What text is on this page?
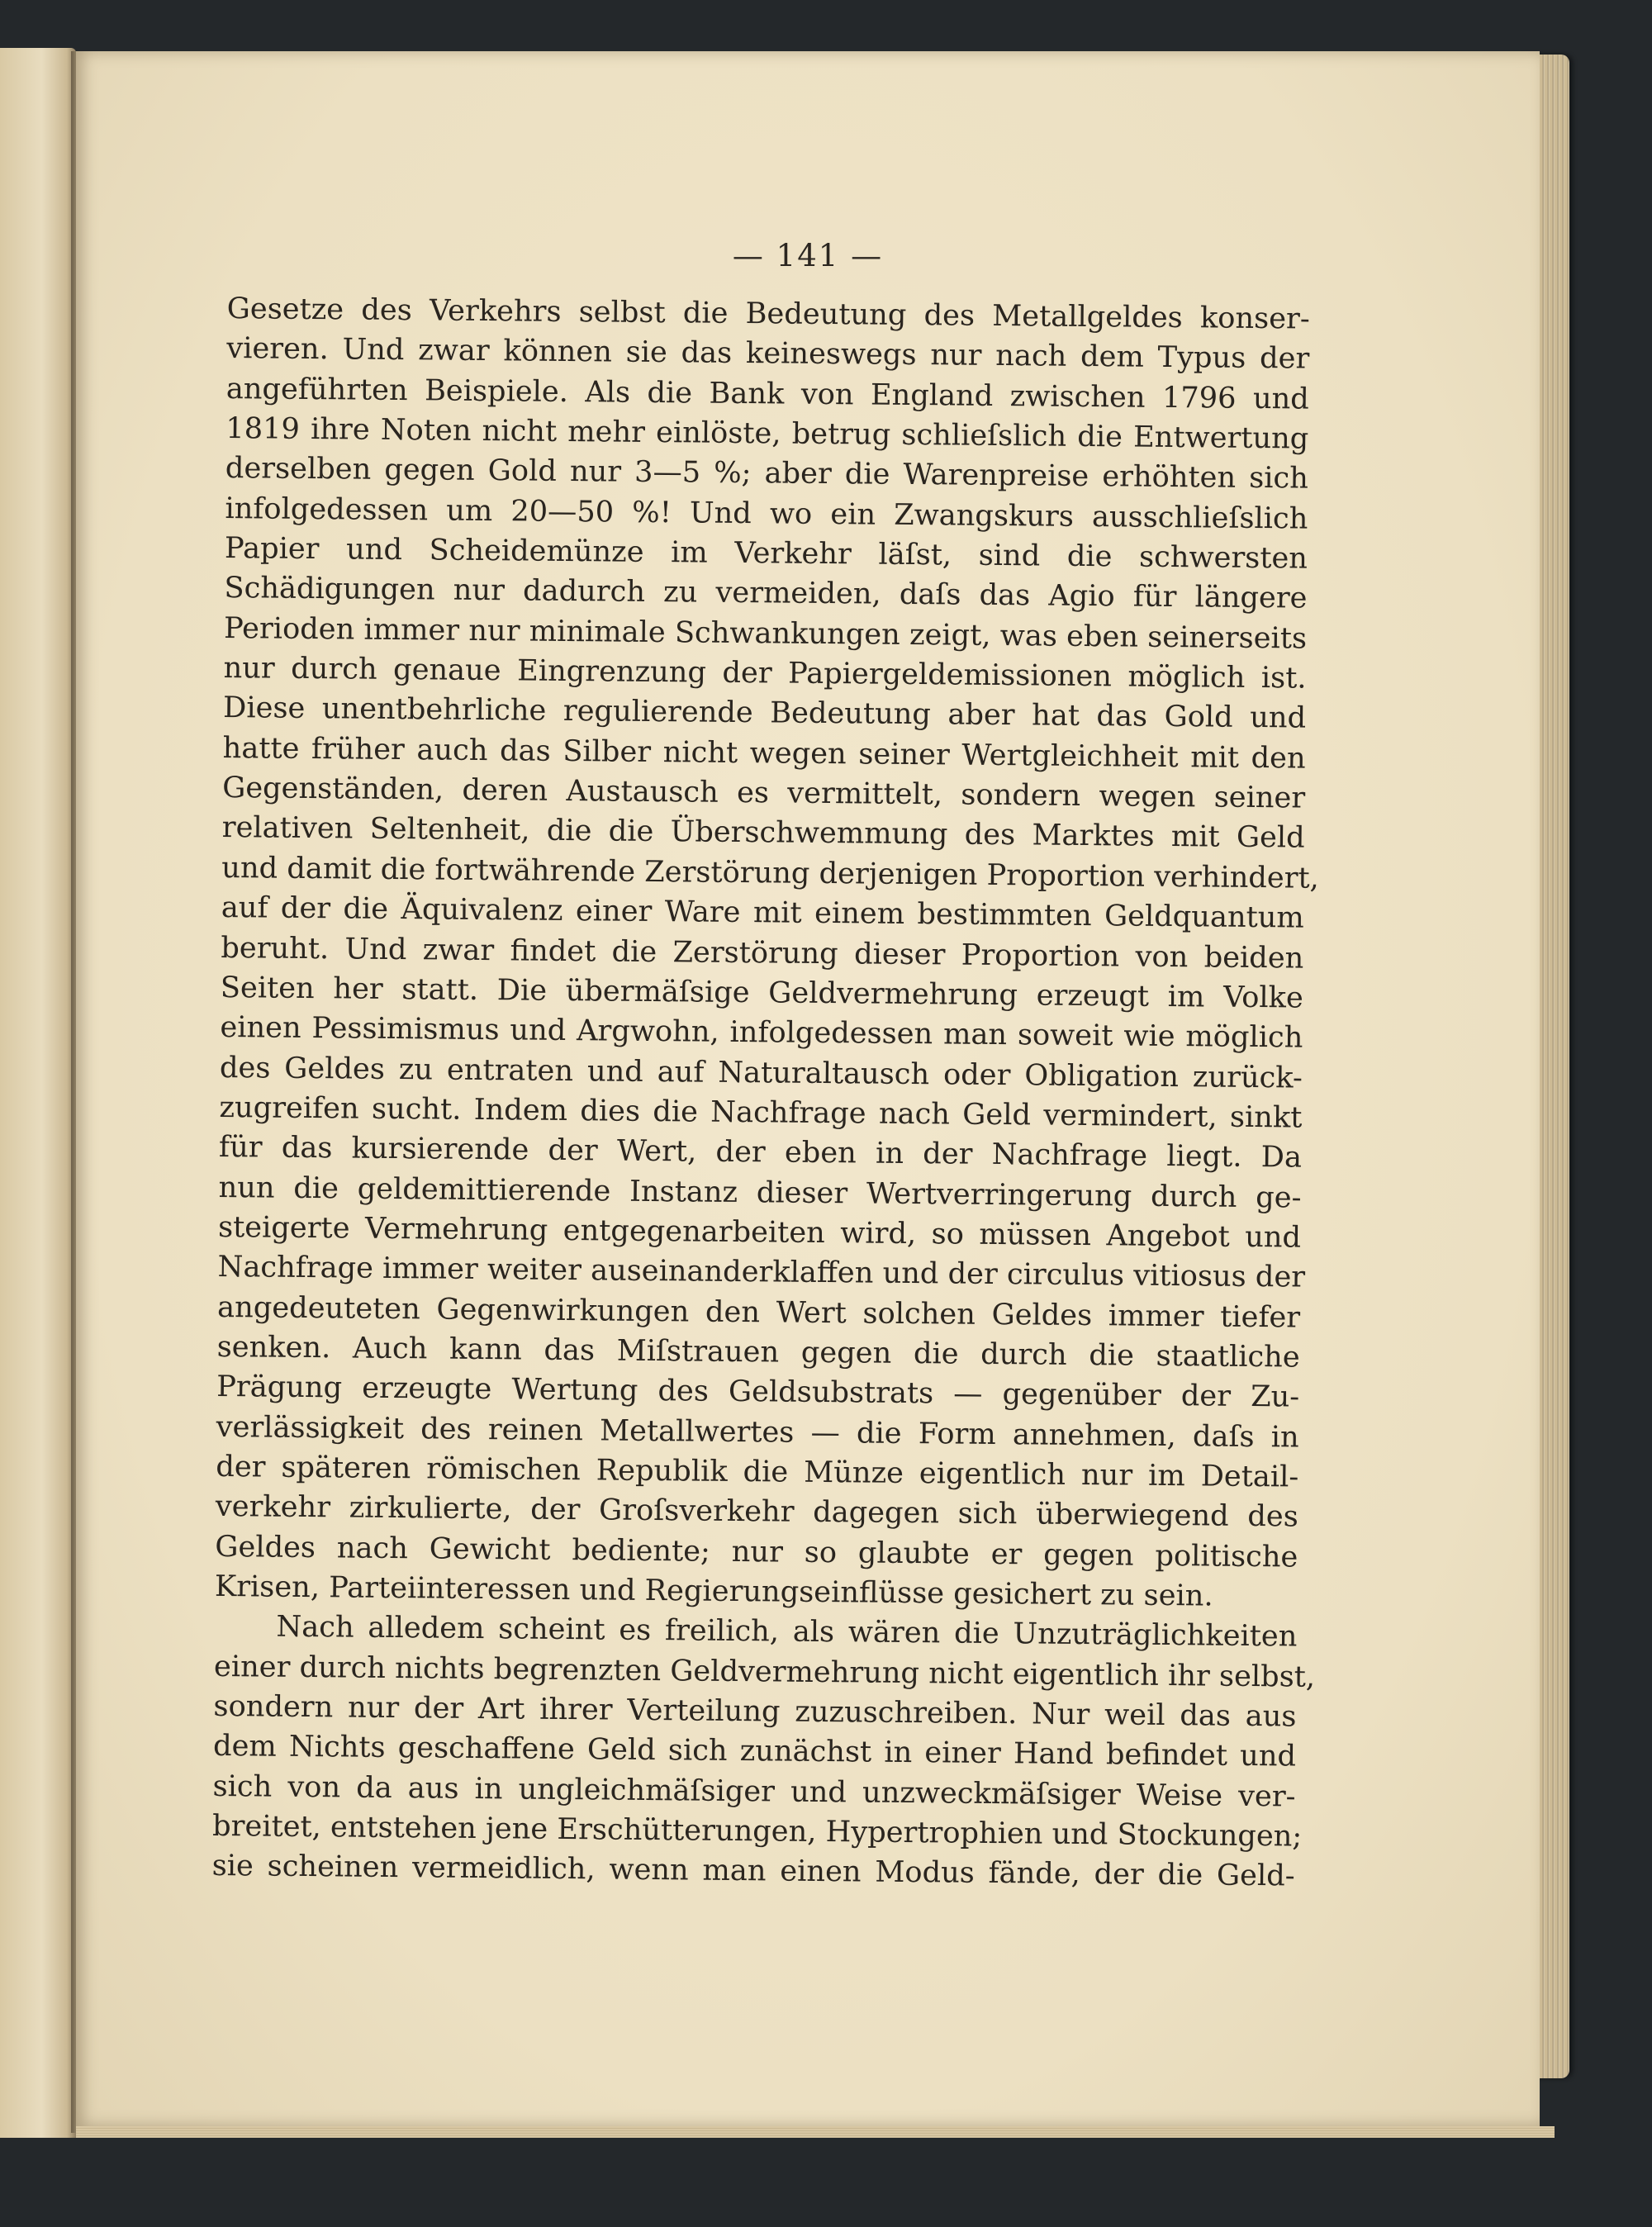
— 141 —
Gesetze des Verkehrs selbst die Bedeutung des Metallgeldes konser-
vieren. Und zwar können sie das keineswegs nur nach dem Typus der
angeführten Beispiele. Als die Bank von England zwischen 1796 und
1819 ihre Noten nicht mehr einlöste, betrug schlieſslich die Entwertung
derselben gegen Gold nur 3—5 %; aber die Warenpreise erhöhten sich
infolgedessen um 20—50 %! Und wo ein Zwangskurs ausschlieſslich
Papier und Scheidemünze im Verkehr läſst, sind die schwersten
Schädigungen nur dadurch zu vermeiden, daſs das Agio für längere
Perioden immer nur minimale Schwankungen zeigt, was eben seinerseits
nur durch genaue Eingrenzung der Papiergeldemissionen möglich ist.
Diese unentbehrliche regulierende Bedeutung aber hat das Gold und
hatte früher auch das Silber nicht wegen seiner Wertgleichheit mit den
Gegenständen, deren Austausch es vermittelt, sondern wegen seiner
relativen Seltenheit, die die Überschwemmung des Marktes mit Geld
und damit die fortwährende Zerstörung derjenigen Proportion verhindert,
auf der die Äquivalenz einer Ware mit einem bestimmten Geldquantum
beruht. Und zwar findet die Zerstörung dieser Proportion von beiden
Seiten her statt. Die übermäſsige Geldvermehrung erzeugt im Volke
einen Pessimismus und Argwohn, infolgedessen man soweit wie möglich
des Geldes zu entraten und auf Naturaltausch oder Obligation zurück-
zugreifen sucht. Indem dies die Nachfrage nach Geld vermindert, sinkt
für das kursierende der Wert, der eben in der Nachfrage liegt. Da
nun die geldemittierende Instanz dieser Wertverringerung durch ge-
steigerte Vermehrung entgegenarbeiten wird, so müssen Angebot und
Nachfrage immer weiter auseinanderklaffen und der circulus vitiosus der
angedeuteten Gegenwirkungen den Wert solchen Geldes immer tiefer
senken. Auch kann das Miſstrauen gegen die durch die staatliche
Prägung erzeugte Wertung des Geldsubstrats — gegenüber der Zu-
verlässigkeit des reinen Metallwertes — die Form annehmen, daſs in
der späteren römischen Republik die Münze eigentlich nur im Detail-
verkehr zirkulierte, der Groſsverkehr dagegen sich überwiegend des
Geldes nach Gewicht bediente; nur so glaubte er gegen politische
Krisen, Parteiinteressen und Regierungseinflüsse gesichert zu sein.
Nach alledem scheint es freilich, als wären die Unzuträglichkeiten
einer durch nichts begrenzten Geldvermehrung nicht eigentlich ihr selbst,
sondern nur der Art ihrer Verteilung zuzuschreiben. Nur weil das aus
dem Nichts geschaffene Geld sich zunächst in einer Hand befindet und
sich von da aus in ungleichmäſsiger und unzweckmäſsiger Weise ver-
breitet, entstehen jene Erschütterungen, Hypertrophien und Stockungen;
sie scheinen vermeidlich, wenn man einen Modus fände, der die Geld-
